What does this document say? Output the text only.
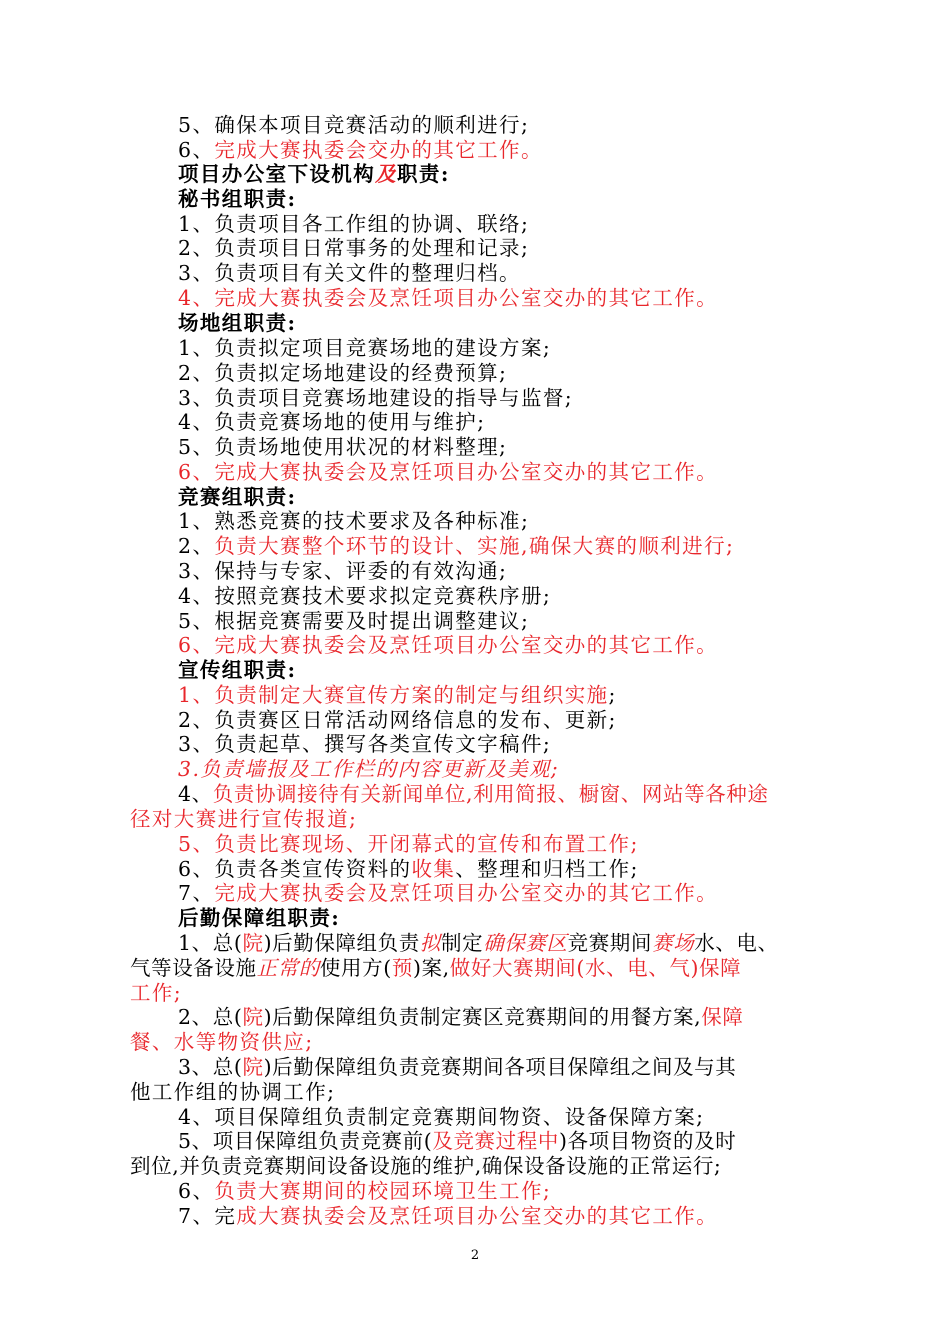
5、确保本项目竞赛活动的顺利进行;
6、完成大赛执委会交办的其它工作。
项目办公室下设机构及职责:
秘书组职责:
1、负责项目各工作组的协调、联络;
2、负责项目日常事务的处理和记录;
3、负责项目有关文件的整理归档。
4、完成大赛执委会及烹饪项目办公室交办的其它工作。
场地组职责:
1、负责拟定项目竞赛场地的建设方案;
2、负责拟定场地建设的经费预算;
3、负责项目竞赛场地建设的指导与监督;
4、负责竞赛场地的使用与维护;
5、负责场地使用状况的材料整理;
6、完成大赛执委会及烹饪项目办公室交办的其它工作。
竞赛组职责:
1、熟悉竞赛的技术要求及各种标准;
2、负责大赛整个环节的设计、实施,确保大赛的顺利进行;
3、保持与专家、评委的有效沟通;
4、按照竞赛技术要求拟定竞赛秩序册;
5、根据竞赛需要及时提出调整建议;
6、完成大赛执委会及烹饪项目办公室交办的其它工作。
宣传组职责:
1、负责制定大赛宣传方案的制定与组织实施;
2、负责赛区日常活动网络信息的发布、更新;
3、负责起草、撰写各类宣传文字稿件;
3.负责墙报及工作栏的内容更新及美观;
4、负责协调接待有关新闻单位,利用简报、橱窗、网站等各种途
径对大赛进行宣传报道;
5、负责比赛现场、开闭幕式的宣传和布置工作;
6、负责各类宣传资料的收集、整理和归档工作;
7、完成大赛执委会及烹饪项目办公室交办的其它工作。
后勤保障组职责:
1、总(院)后勤保障组负责拟制定确保赛区竞赛期间赛场水、电、
气等设备设施正常的使用方(预)案,做好大赛期间(水、电、气)保障
工作;
2、总(院)后勤保障组负责制定赛区竞赛期间的用餐方案,保障
餐、水等物资供应;
3、总(院)后勤保障组负责竞赛期间各项目保障组之间及与其
他工作组的协调工作;
4、项目保障组负责制定竞赛期间物资、设备保障方案;
5、项目保障组负责竞赛前(及竞赛过程中)各项目物资的及时
到位,并负责竞赛期间设备设施的维护,确保设备设施的正常运行;
6、负责大赛期间的校园环境卫生工作;
7、完成大赛执委会及烹饪项目办公室交办的其它工作。
2
